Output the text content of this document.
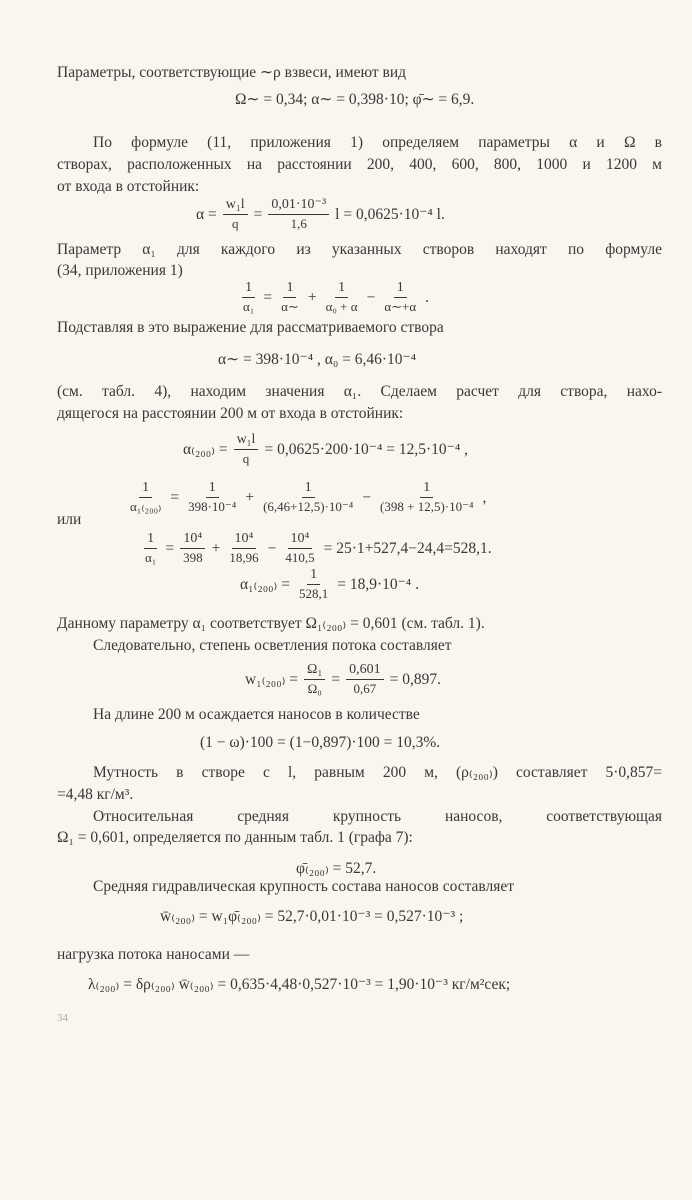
Параметры, соответствующие ∼ρ взвеси, имеют вид
Ω∼ = 0,34; α∼ = 0,398·10; φ̄∼ = 6,9.
По формуле (11, приложения 1) определяем параметры α и Ω в
створах, расположенных на расстоянии 200, 400, 600, 800, 1000 и 1200 м
от входа в отстойник:
$\alpha = \frac{\text{w₁l}}{q} = \frac{\text{0,01·10⁻³}}{1,6}$ l = 0,0625·10⁻⁴ l.
Параметр α₁ для каждого из указанных створов находят по формуле
(34, приложения 1)
$\frac{1}{\text{α₁}} = \frac{1}{\alpha\sim} + \frac{1}{\text{α₀ + α}} - \frac{1}{\alpha\sim+\alpha}$ .
Подставляя в это выражение для рассматриваемого створа
α∼ = 398·10⁻⁴ , α₀ = 6,46·10⁻⁴
(см. табл. 4), находим значения α₁. Сделаем расчет для створа, нахо-
дящегося на расстоянии 200 м от входа в отстойник:
$\alpha_{(200)} = \frac{\text{w₁l}}{q} = 0,0625\cdot 200\cdot 10^{-4} = 12,5\cdot 10^{-4}$ ,
$\frac{1}{\text{α₁₍₂₀₀₎}} = \frac{1}{\text{398·10⁻⁴}} + \frac{1}{\text{(6,46+12,5)·10⁻⁴}} - \frac{1}{\text{(398 + 12,5)·10⁻⁴}}$ ,
или
$\frac{1}{\text{α₁}} = \frac{\text{10⁴}}{398} + \frac{\text{10⁴}}{18,96} - \frac{\text{10⁴}}{410,5} = 25\cdot 1+527,4-24,4=528,1$.
$\alpha_{1(200)} = \frac{1}{528,1} = 18,9\cdot 10^{-4}$ .
Данному параметру α₁ соответствует Ω₁₍₂₀₀₎ = 0,601 (см. табл. 1).
Следовательно, степень осветления потока составляет
$w_{1(200)} = \frac{\text{Ω₁}}{\text{Ω₀}} = \frac{0,601}{0,67} = 0,897$.
На длине 200 м осаждается наносов в количестве
(1 − ω)·100 = (1−0,897)·100 = 10,3%.
Мутность в створе с l, равным 200 м, (ρ₍₂₀₀₎) составляет 5·0,857=
=4,48 кг/м³.
Относительная средняя крупность наносов, соответствующая
Ω₁ = 0,601, определяется по данным табл. 1 (графа 7):
φ̄₍₂₀₀₎ = 52,7.
Средняя гидравлическая крупность состава наносов составляет
w̄₍₂₀₀₎ = w₁φ̄₍₂₀₀₎ = 52,7·0,01·10⁻³ = 0,527·10⁻³ ;
нагрузка потока наносами —
λ₍₂₀₀₎ = δρ₍₂₀₀₎ w̄₍₂₀₀₎ = 0,635·4,48·0,527·10⁻³ = 1,90·10⁻³ кг/м²сек;
34
